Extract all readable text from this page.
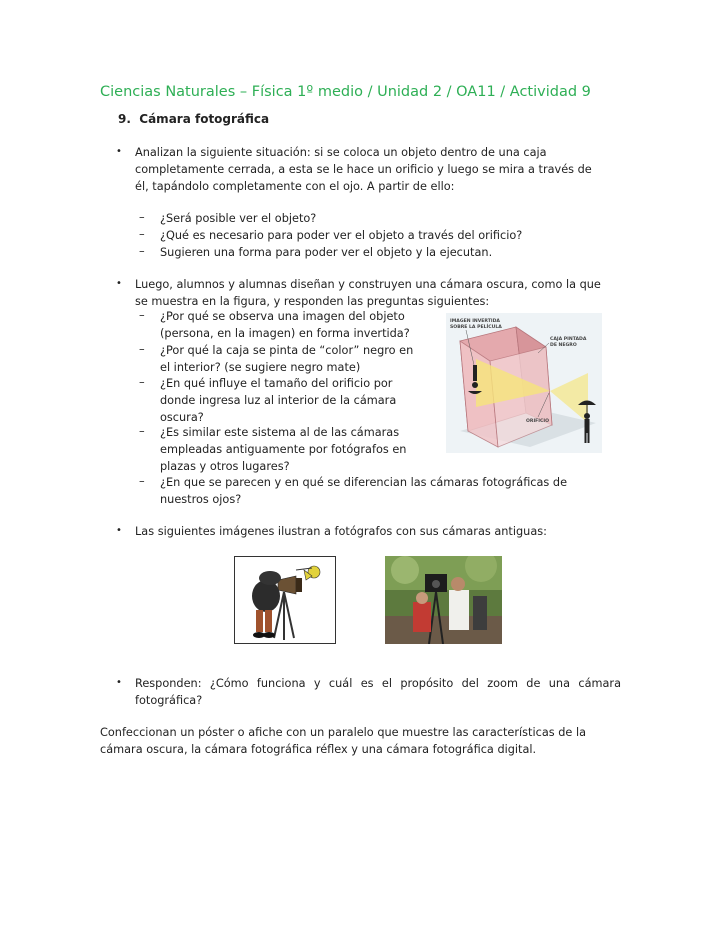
Ciencias Naturales – Física 1º medio / Unidad 2 / OA11 / Actividad 9
9. Cámara fotográfica
• Analizan la siguiente situación: si se coloca un objeto dentro de una caja
completamente cerrada, a esta se le hace un orificio y luego se mira a través de
él, tapándolo completamente con el ojo. A partir de ello:
– ¿Será posible ver el objeto?
– ¿Qué es necesario para poder ver el objeto a través del orificio?
– Sugieren una forma para poder ver el objeto y la ejecutan.
• Luego, alumnos y alumnas diseñan y construyen una cámara oscura, como la que
se muestra en la figura, y responden las preguntas siguientes:
– ¿Por qué se observa una imagen del objeto
(persona, en la imagen) en forma invertida?
– ¿Por qué la caja se pinta de “color” negro en
el interior? (se sugiere negro mate)
– ¿En qué influye el tamaño del orificio por
donde ingresa luz al interior de la cámara
oscura?
– ¿Es similar este sistema al de las cámaras
empleadas antiguamente por fotógrafos en
plazas y otros lugares?
– ¿En que se parecen y en qué se diferencian las cámaras fotográficas de
nuestros ojos?
IMAGEN INVERTIDA
SOBRE LA PELÍCULA
CAJA PINTADA
DE NEGRO
ORIFICIO
• Las siguientes imágenes ilustran a fotógrafos con sus cámaras antiguas:
• Responden: ¿Cómo funciona y cuál es el propósito del zoom de una cámara
fotográfica?
Confeccionan un póster o afiche con un paralelo que muestre las características de la
cámara oscura, la cámara fotográfica réflex y una cámara fotográfica digital.
